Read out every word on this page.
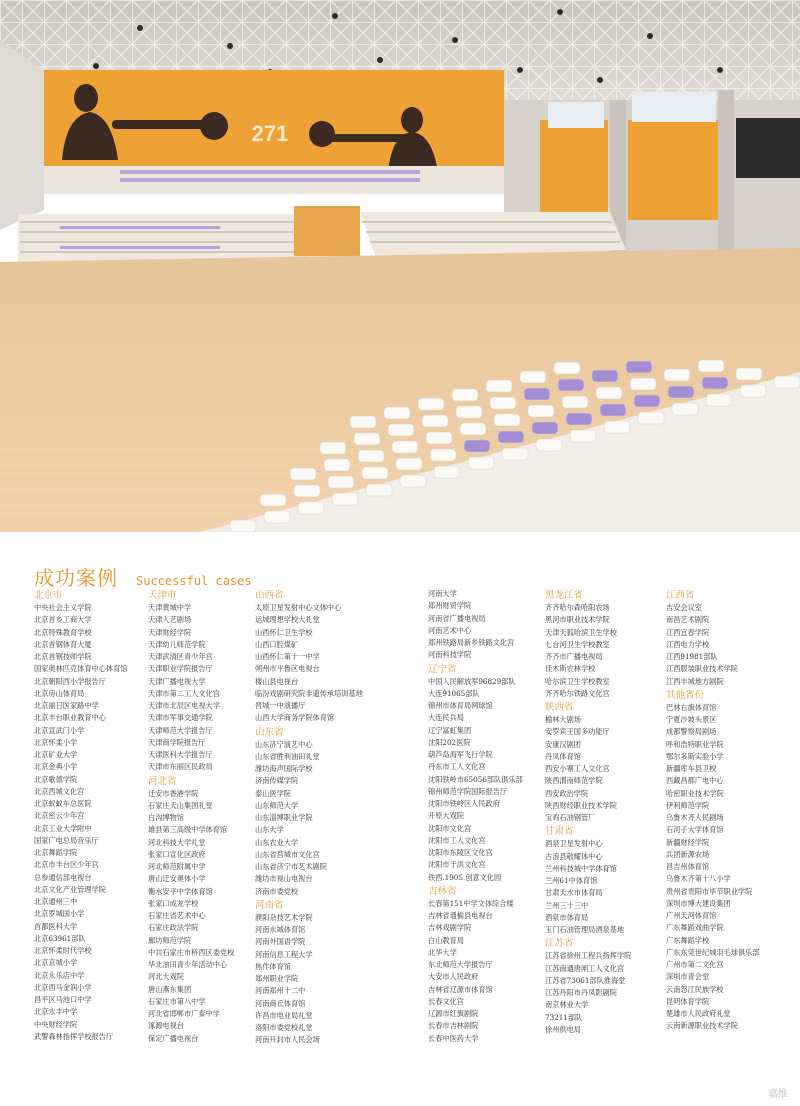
271
成功案例 Successful cases
北京市
中央社会主义学院
北京首乡工商大学
北京特殊教育学校
北京首钢体育大厦
北京首钢技师学院
国家奥林匹克体育中心体育馆
北京朝阳西小学报告厅
北京房山体育局
北京丽日医家路中学
北京丰台职业教育中心
北京宣武门小学
北京怀柔小学
北京矿业大学
北京金典小学
北京歌德学院
北京西城文化宫
北京蚁蚁车总医院
北京密云少年宫
北京工业大学附中
国家广电总局音乐厅
北京舞蹈学院
北京市丰台区少年宫
总参通信部电视台
北京文化产业管理学院
北京通州三中
北京罗城国小学
首都医科大学
北京63961部队
北京怀柔时代学校
北京京城小学
北京永乐店中学
北京西马金润小学
昌平区马池口中学
北京永丰中学
中央财经学院
武警森林指挥学校报告厅
天津市
天津黄城中学
天津人艺剧场
天津财经学院
天津幼儿师范学院
天津武清区青少年宫
天津职业学院报告厅
天津广播电视大学
天津市第二工人文化宫
天津市北辰区电视大学
天津市军事交通学院
天津师范大学报告厅
天津商学院报告厅
天津医科大学报告厅
天津市东丽区民政局
河北省
迁安市香港学院
石家庄天山集团礼堂
白沟博物馆
雄县第三高级中学体育馆
河北科技大学礼堂
张家口宣化区政府
河北师范附属中学
唐山迁安奥体小学
衡水安平中学体育馆
张家口成龙学校
石家庄省艺术中心
石家庄政法学院
廊坊师范学院
中共石家庄市桥西区委党校
华北油田青少年活动中心
河北大戏院
唐山燕东集团
石家庄市第八中学
河北省邯郸市广泰中学
涿源电视台
保定广播电视台
山西省
太原卫星发射中心文体中心
运城理想学校大礼堂
山西怀仁卫生学校
山西口腔煤矿
山西怀仁第十一中学
朔州市平鲁区电视台
楼山县电视台
临汾戏剧研究院非遗传承培训基地
晋城一中演播厅
山西大学商务学院体育馆
山东省
山东济宁演艺中心
山东省胜利油田礼堂
潍坊海声国际学校
济南传媒学院
泰山医学院
山东师范大学
山东淄博职业学院
山东大学
山东农业大学
山东省莒城市文化宫
山东省济宁市艺术剧院
潍坊市视山电视台
济南市委党校
河南省
濮阳杂技艺术学院
河南永城体育馆
河南外国语学院
河南信息工程大学
焦作体育馆
郑州职业学院
河南郑州十二中
河南商丘体育馆
许昌市电业局礼堂
洛阳市委党校礼堂
河南开封市人民会场
河南大学
郑州财贸学院
河南省广播电视局
河南艺术中心
郑州铁路局新乡铁路文化宫
河南科技学院
辽宁省
中国人民解放军96829部队
大连91065部队
锦州市体育局网球馆
大连民兵局
辽宁富虹集团
沈阳202医院
葫芦岛海军飞行学院
丹东市工人文化宫
沈阳铁岭市65056部队俱乐部
锦州师范学院国际报告厅
沈阳市铁岭区人民政府
开原大戏院
沈阳市文化宫
沈阳市工人文化宫
沈阳市东陵区文化宫
沈阳市于洪文化宫
铁西.1905.创意文化园
吉林省
长春第151中学文体综合楼
吉林省通榆县电视台
吉林戏剧学院
白山教育局
北华大学
东北师范大学报告厅
大安市人民政府
吉林省辽源市体育馆
长春文化宫
辽源市红旗剧院
长春市吉林剧院
长春中医药大学
黑龙江省
齐齐哈尔森哈阳农场
黑河市职业技术学院
天津天狐哈滨卫生学校
七台河卫生学校教室
齐齐市广播电视局
佳木斯农林学校
哈尔滨卫生学校教室
齐齐哈尔铁路文化宫
陕西省
榆林大剧场
安罗宾王国多功能厅
安康汉剧团
丹凤体育馆
西安小寨工人文化宫
陕西渭南师范学院
西安政治学院
陕西财经职业技术学院
宝鸡石油钢管厂
甘肃省
酒泉卫星发射中心
古浪县敬耀体中心
兰州科技城中学体育馆
兰州61中体育馆
甘肃天水市体育局
兰州三十三中
酒泉市体育局
玉门石油管理局酒泉基地
江苏省
江苏省徐州工程兵指挥学院
江苏南通唐闸工人文化宫
江苏省73061部队淮海堂
江苏丹阳市丹凤影剧院
南京林业大学
73211部队
徐州供电局
江西省
吉安会议室
南昌艺术剧院
江西宜春学院
江西电力学校
江西91981部队
江西服装职业技术学院
江西丰城地方剧院
其他省份
巴林右旗体育馆
宁夏沙坡头景区
成都警察局剧场
呼和浩特职业学院
鄂尔多斯实验小学
新疆库车县卫校
西藏昌都广电中心
哈密职业技术学院
伊利师范学院
乌鲁木齐人民剧场
石河子大学体育馆
新疆财经学院
兵团新源农场
昌吉州体育馆
乌鲁木齐第十八小学
贵州省贵阳市毕节职业学院
深圳市博大建设集团
广州天河体育馆
广东舞蹈戏曲学院
广东舞蹈学校
广东东莞世纪城羽毛球俱乐部
广州市第二文化宫
深圳市青会堂
云南怒江民族学校
昆明体育学院
楚雄市人民政府礼堂
云南新源职业技术学院
嘉维
